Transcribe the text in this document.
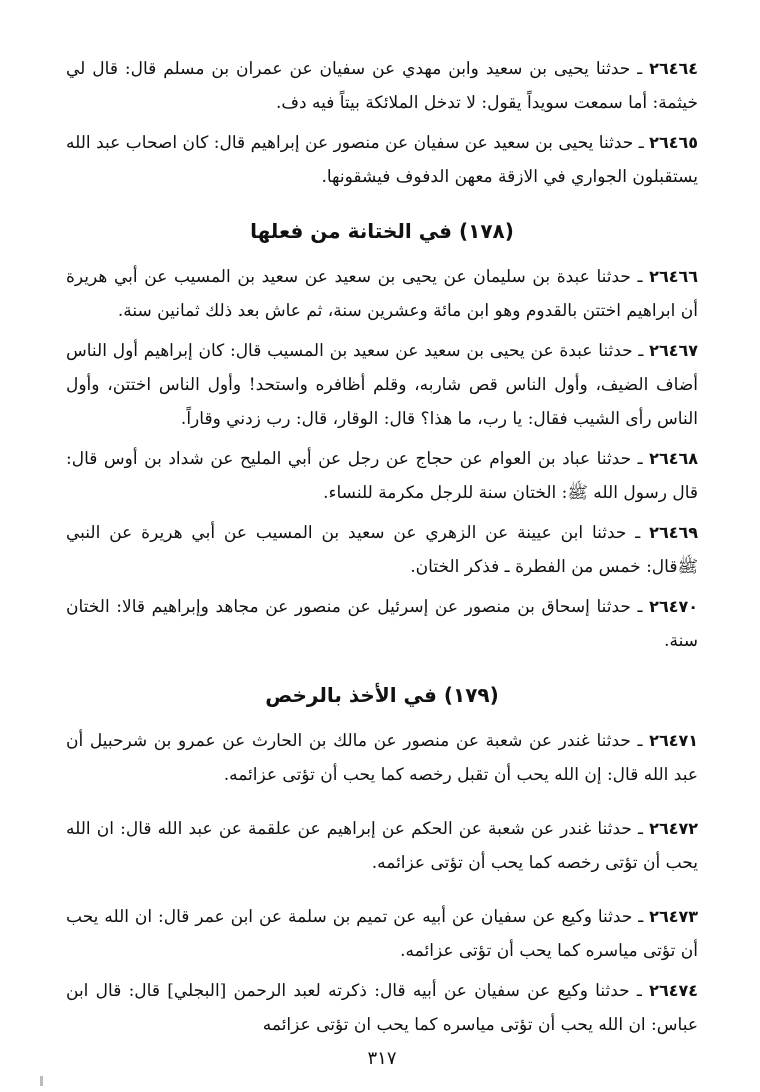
٢٦٤٦٤ ـ حدثنا يحيى بن سعيد وابن مهدي عن سفيان عن عمران بن مسلم قال: قال لي خيثمة: أما سمعت سويداً يقول: لا تدخل الملائكة بيتاً فيه دف.

٢٦٤٦٥ ـ حدثنا يحيى بن سعيد عن سفيان عن منصور عن إبراهيم قال: كان اصحاب عبد الله يستقبلون الجواري في الازقة معهن الدفوف فيشقونها.

(١٧٨) في الختانة من فعلها

٢٦٤٦٦ ـ حدثنا عبدة بن سليمان عن يحيى بن سعيد عن سعيد بن المسيب عن أبي هريرة أن ابراهيم اختتن بالقدوم وهو ابن مائة وعشرين سنة، ثم عاش بعد ذلك ثمانين سنة.

٢٦٤٦٧ ـ حدثنا عبدة عن يحيى بن سعيد عن سعيد بن المسيب قال: كان إبراهيم أول الناس أضاف الضيف، وأول الناس قص شاربه، وقلم أظافره واستحد! وأول الناس اختتن، وأول الناس رأى الشيب فقال: يا رب، ما هذا؟ قال: الوقار، قال: رب زدني وقاراً.

٢٦٤٦٨ ـ حدثنا عباد بن العوام عن حجاج عن رجل عن أبي المليح عن شداد بن أوس قال: قال رسول الله ﷺ: الختان سنة للرجل مكرمة للنساء.

٢٦٤٦٩ ـ حدثنا ابن عيينة عن الزهري عن سعيد بن المسيب عن أبي هريرة عن النبي ﷺقال: خمس من الفطرة ـ فذكر الختان.

٢٦٤٧٠ ـ حدثنا إسحاق بن منصور عن إسرئيل عن منصور عن مجاهد وإبراهيم قالا: الختان سنة.

(١٧٩) في الأخذ بالرخص

٢٦٤٧١ ـ حدثنا غندر عن شعبة عن منصور عن مالك بن الحارث عن عمرو بن شرحبيل أن عبد الله قال: إن الله يحب أن تقبل رخصه كما يحب أن تؤتى عزائمه.

٢٦٤٧٢ ـ حدثنا غندر عن شعبة عن الحكم عن إبراهيم عن علقمة عن عبد الله قال: ان الله يحب أن تؤتى رخصه كما يحب أن تؤتى عزائمه.

٢٦٤٧٣ ـ حدثنا وكيع عن سفيان عن أبيه عن تميم بن سلمة عن ابن عمر قال: ان الله يحب أن تؤتى مياسره كما يحب أن تؤتى عزائمه.

٢٦٤٧٤ ـ حدثنا وكيع عن سفيان عن أبيه قال: ذكرته لعبد الرحمن [البجلي] قال: قال ابن عباس: ان الله يحب أن تؤتى مياسره كما يحب ان تؤتى عزائمه

٣١٧
